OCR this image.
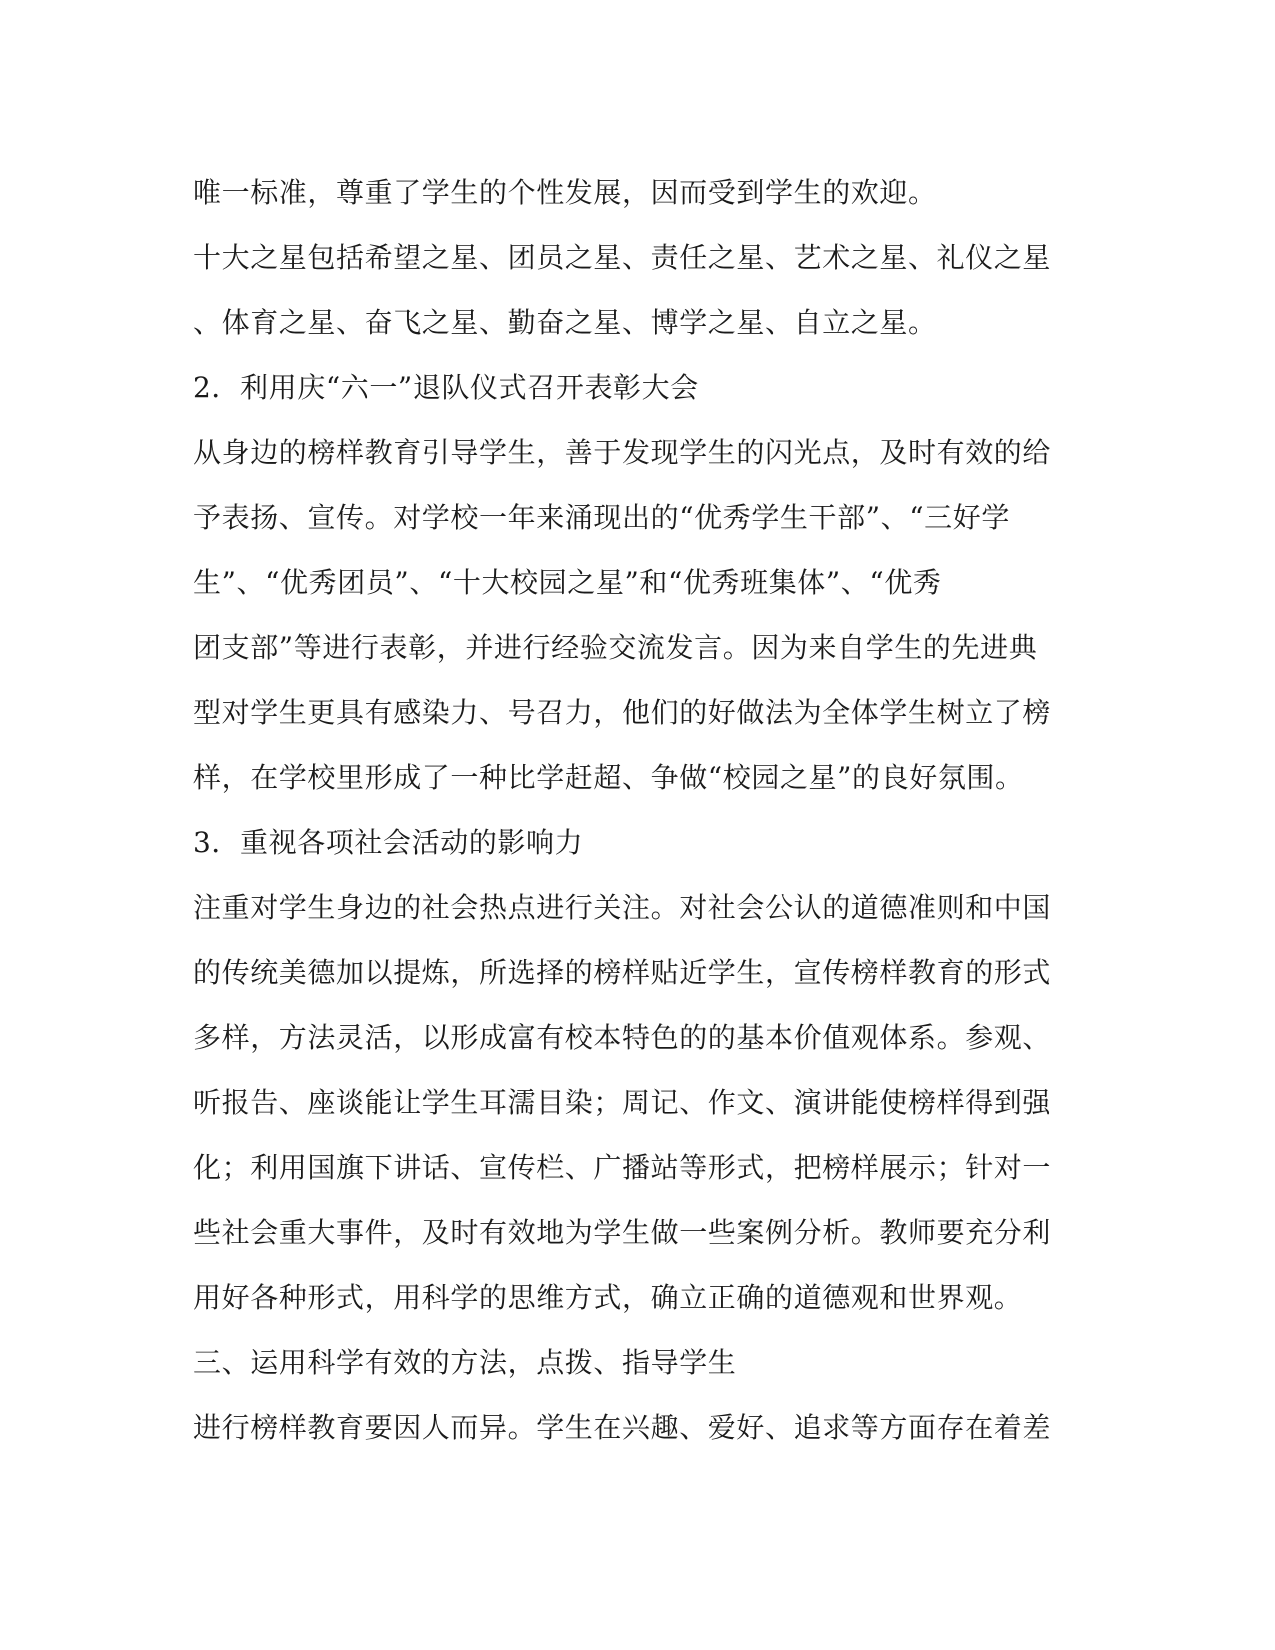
唯一标准，尊重了学生的个性发展，因而受到学生的欢迎。
十大之星包括希望之星、团员之星、责任之星、艺术之星、礼仪之星
、体育之星、奋飞之星、勤奋之星、博学之星、自立之星。
2．利用庆“六一”退队仪式召开表彰大会
从身边的榜样教育引导学生，善于发现学生的闪光点，及时有效的给
予表扬、宣传。对学校一年来涌现出的“优秀学生干部”、“三好学
生”、“优秀团员”、“十大校园之星”和“优秀班集体”、“优秀
团支部”等进行表彰，并进行经验交流发言。因为来自学生的先进典
型对学生更具有感染力、号召力，他们的好做法为全体学生树立了榜
样，在学校里形成了一种比学赶超、争做“校园之星”的良好氛围。
3．重视各项社会活动的影响力
注重对学生身边的社会热点进行关注。对社会公认的道德准则和中国
的传统美德加以提炼，所选择的榜样贴近学生，宣传榜样教育的形式
多样，方法灵活，以形成富有校本特色的的基本价值观体系。参观、
听报告、座谈能让学生耳濡目染；周记、作文、演讲能使榜样得到强
化；利用国旗下讲话、宣传栏、广播站等形式，把榜样展示；针对一
些社会重大事件，及时有效地为学生做一些案例分析。教师要充分利
用好各种形式，用科学的思维方式，确立正确的道德观和世界观。
三、运用科学有效的方法，点拨、指导学生
进行榜样教育要因人而异。学生在兴趣、爱好、追求等方面存在着差
